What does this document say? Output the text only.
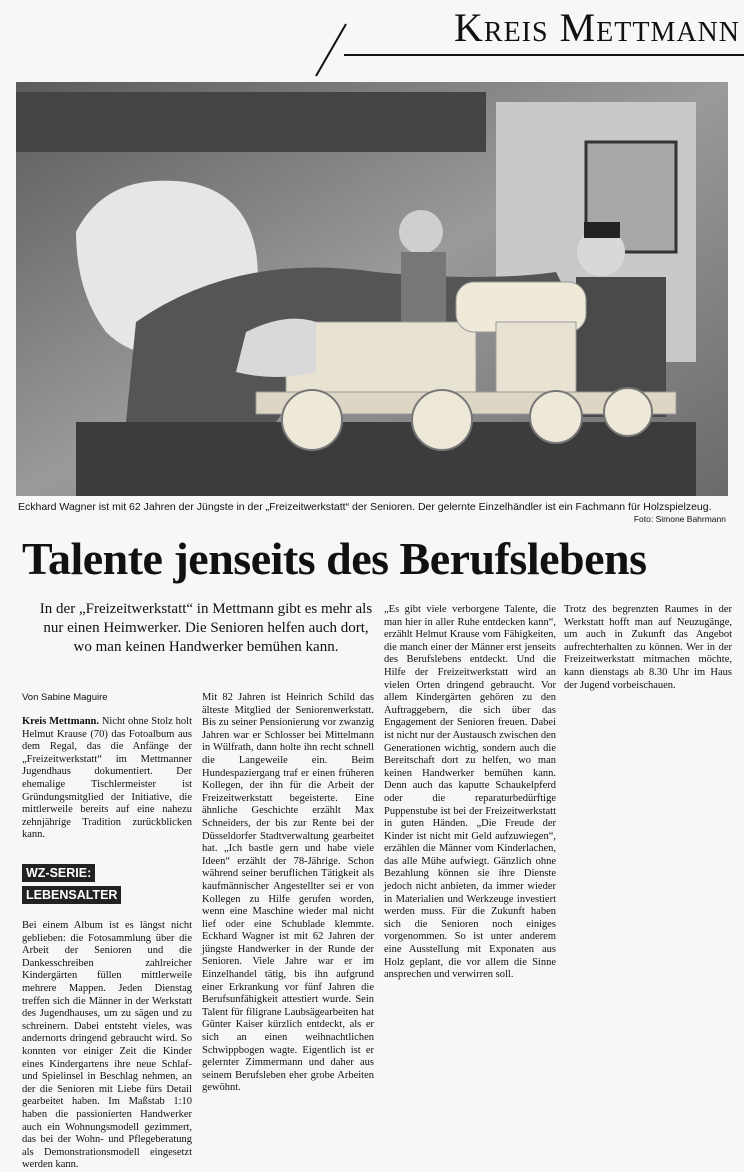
Kreis Mettmann
Eckhard Wagner ist mit 62 Jahren der Jüngste in der „Freizeitwerkstatt“ der Senioren. Der gelernte Einzelhändler ist ein Fachmann für Holzspielzeug.
Foto: Simone Bahrmann
Talente jenseits des Berufslebens
In der „Freizeitwerkstatt“ in Mettmann gibt es mehr als nur einen Heimwerker. Die Senioren helfen auch dort, wo man keinen Handwerker bemühen kann.
Von Sabine Maguire

Kreis Mettmann. Nicht ohne Stolz holt Helmut Krause (70) das Fotoalbum aus dem Regal, das die Anfänge der „Freizeitwerkstatt“ im Mettmanner Jugendhaus dokumentiert. Der ehemalige Tischlermeister ist Gründungsmitglied der Initiative, die mittlerweile bereits auf eine nahezu zehnjährige Tradition zurückblicken kann.

WZ-SERIE:
LEBENSALTER

Bei einem Album ist es längst nicht geblieben: die Fotosammlung über die Arbeit der Senioren und die Dankesschreiben zahlreicher Kindergärten füllen mittlerweile mehrere Mappen. Jeden Dienstag treffen sich die Männer in der Werkstatt des Jugendhauses, um zu sägen und zu schreinern. Dabei entsteht vieles, was andernorts dringend gebraucht wird. So konnten vor einiger Zeit die Kinder eines Kindergartens ihre neue Schlaf- und Spielinsel in Beschlag nehmen, an der die Senioren mit Liebe fürs Detail gearbeitet haben. Im Maßstab 1:10 haben die passionierten Handwerker auch ein Wohnungsmodell gezimmert, das bei der Wohn- und Pflegeberatung als Demonstrationsmodell eingesetzt werden kann.

Mit 82 Jahren ist Heinrich Schild das älteste Mitglied der Seniorenwerkstatt. Bis zu seiner Pensionierung vor zwanzig Jahren war er Schlosser bei Mittelmann in Wülfrath, dann holte ihn recht schnell die Langeweile ein. Beim Hundespaziergang traf er einen früheren Kollegen, der ihn für die Arbeit der Freizeitwerkstatt begeisterte. Eine ähnliche Geschichte erzählt Max Schneiders, der bis zur Rente bei der Düsseldorfer Stadtverwaltung gearbeitet hat. „Ich bastle gern und habe viele Ideen“ erzählt der 78-Jährige. Schon während seiner beruflichen Tätigkeit als kaufmännischer Angestellter sei er von Kollegen zu Hilfe gerufen worden, wenn eine Maschine wieder mal nicht lief oder eine Schublade klemmte. Eckhard Wagner ist mit 62 Jahren der jüngste Handwerker in der Runde der Senioren. Viele Jahre war er im Einzelhandel tätig, bis ihn aufgrund einer Erkrankung vor fünf Jahren die Berufsunfähigkeit attestiert wurde. Sein Talent für filigrane Laubsägearbeiten hat Günter Kaiser kürzlich entdeckt, als er sich an einen weihnachtlichen Schwippbogen wagte. Eigentlich ist er gelernter Zimmermann und daher aus seinem Berufsleben eher grobe Arbeiten gewöhnt.

„Es gibt viele verborgene Talente, die man hier in aller Ruhe entdecken kann“, erzählt Helmut Krause vom Fähigkeiten, die manch einer der Männer erst jenseits des Berufslebens entdeckt. Und die Hilfe der Freizeitwerkstatt wird an vielen Orten dringend gebraucht. Vor allem Kindergärten gehören zu den Auftraggebern, die sich über das Engagement der Senioren freuen. Dabei ist nicht nur der Austausch zwischen den Generationen wichtig, sondern auch die Bereitschaft dort zu helfen, wo man keinen Handwerker bemühen kann. Denn auch das kaputte Schaukelpferd oder die reparaturbedürftige Puppenstube ist bei der Freizeitwerkstatt in guten Händen. „Die Freude der Kinder ist nicht mit Geld aufzuwiegen“, erzählen die Männer vom Kinderlachen, das alle Mühe aufwiegt. Gänzlich ohne Bezahlung können sie ihre Dienste jedoch nicht anbieten, da immer wieder in Materialien und Werkzeuge investiert werden muss. Für die Zukunft haben sich die Senioren noch einiges vorgenommen. So ist unter anderem eine Ausstellung mit Exponaten aus Holz geplant, die vor allem die Sinne ansprechen und verwirren soll.

Trotz des begrenzten Raumes in der Werkstatt hofft man auf Neuzugänge, um auch in Zukunft das Angebot aufrechterhalten zu können. Wer in der Freizeitwerkstatt mitmachen möchte, kann dienstags ab 8.30 Uhr im Haus der Jugend vorbeischauen.
